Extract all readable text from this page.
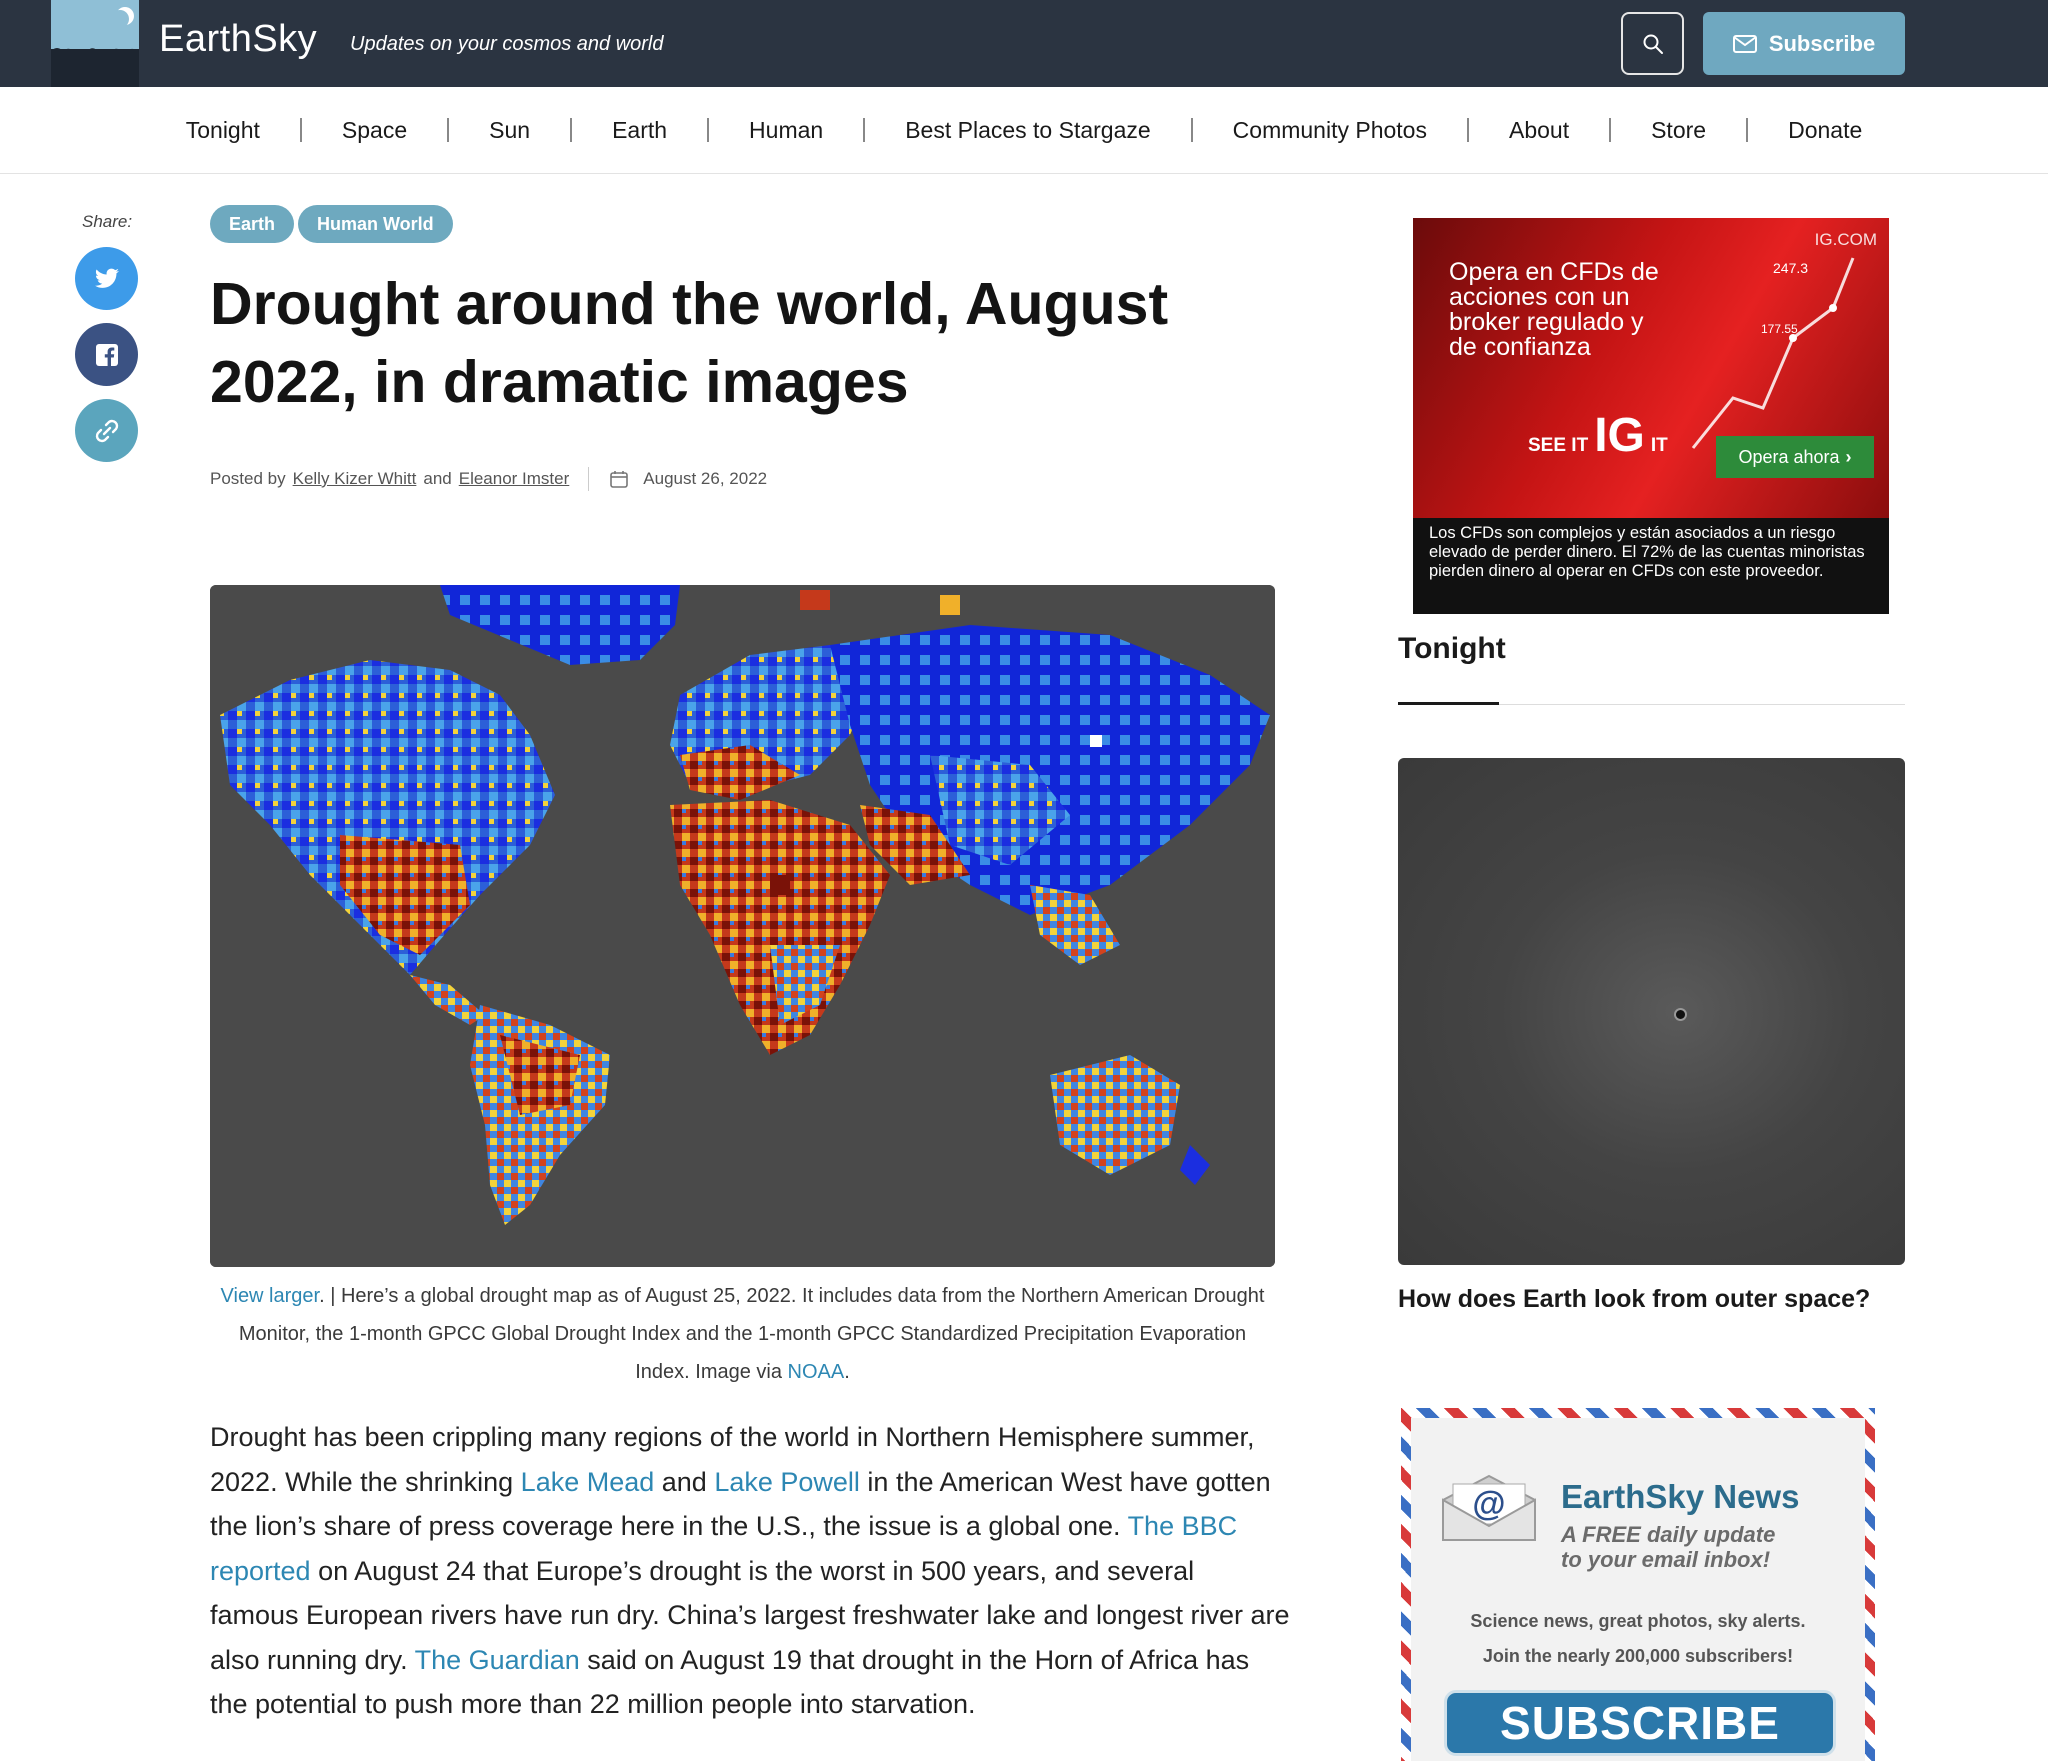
EarthSky Updates on your cosmos and world	Subscribe
Tonight	Space	Sun	Earth	Human	Best Places to Stargaze	Community Photos	About	Store	Donate
Share:	Earth	Human World
Drought around the world, August 2022, in dramatic images
Posted by Kelly Kizer Whitt and Eleanor Imster	August 26, 2022
View larger. | Here’s a global drought map as of August 25, 2022. It includes data from the Northern American Drought Monitor, the 1-month GPCC Global Drought Index and the 1-month GPCC Standardized Precipitation Evaporation Index. Image via NOAA.
Drought has been crippling many regions of the world in Northern Hemisphere summer, 2022. While the shrinking Lake Mead and Lake Powell in the American West have gotten the lion’s share of press coverage here in the U.S., the issue is a global one. The BBC reported on August 24 that Europe’s drought is the worst in 500 years, and several famous European rivers have run dry. China’s largest freshwater lake and longest river are also running dry. The Guardian said on August 19 that drought in the Horn of Africa has the potential to push more than 22 million people into starvation.
177.55
247.3
IG.COM
Opera en CFDs de acciones con un broker regulado y de confianza
SEE IT IG IT
Opera ahora ›
Los CFDs son complejos y están asociados a un riesgo elevado de perder dinero. El 72% de las cuentas minoristas pierden dinero al operar en CFDs con este proveedor.
Tonight
How does Earth look from outer space?
@ EarthSky News
A FREE daily update
to your email inbox!
Science news, great photos, sky alerts.
Join the nearly 200,000 subscribers!
SUBSCRIBE
